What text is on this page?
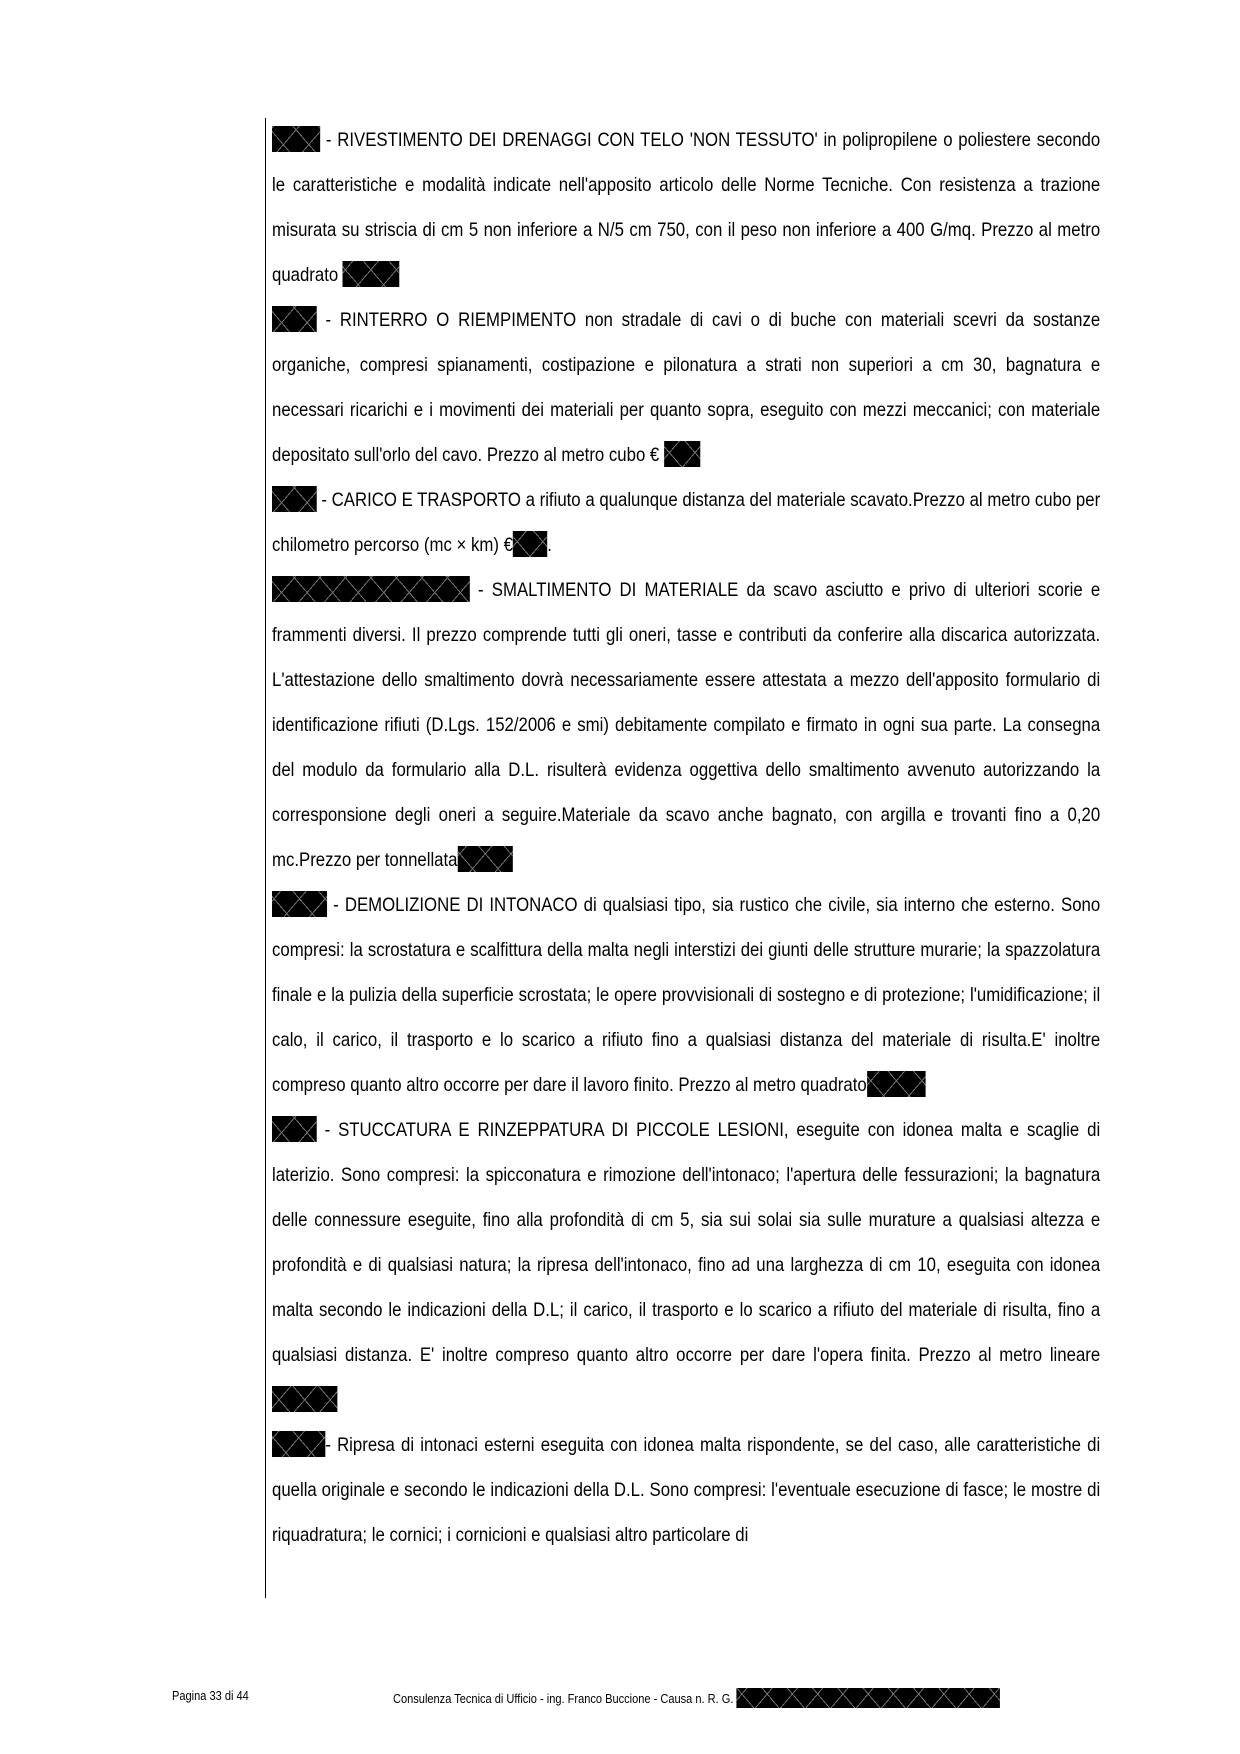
- RIVESTIMENTO DEI DRENAGGI CON TELO 'NON TESSUTO' in polipropilene o poliestere secondo le caratteristiche e modalità indicate nell'apposito articolo delle Norme Tecniche. Con resistenza a trazione misurata su striscia di cm 5 non inferiore a N/5 cm 750, con il peso non inferiore a 400 G/mq. Prezzo al metro quadrato

- RINTERRO O RIEMPIMENTO non stradale di cavi o di buche con materiali scevri da sostanze organiche, compresi spianamenti, costipazione e pilonatura a strati non superiori a cm 30, bagnatura e necessari ricarichi e i movimenti dei materiali per quanto sopra, eseguito con mezzi meccanici; con materiale depositato sull'orlo del cavo. Prezzo al metro cubo €

- CARICO E TRASPORTO a rifiuto a qualunque distanza del materiale scavato.Prezzo al metro cubo per chilometro percorso (mc × km) € .

- SMALTIMENTO DI MATERIALE da scavo asciutto e privo di ulteriori scorie e frammenti diversi. Il prezzo comprende tutti gli oneri, tasse e contributi da conferire alla discarica autorizzata. L'attestazione dello smaltimento dovrà necessariamente essere attestata a mezzo dell'apposito formulario di identificazione rifiuti (D.Lgs. 152/2006 e smi) debitamente compilato e firmato in ogni sua parte. La consegna del modulo da formulario alla D.L. risulterà evidenza oggettiva dello smaltimento avvenuto autorizzando la corresponsione degli oneri a seguire.Materiale da scavo anche bagnato, con argilla e trovanti fino a 0,20 mc.Prezzo per tonnellata

- DEMOLIZIONE DI INTONACO di qualsiasi tipo, sia rustico che civile, sia interno che esterno. Sono compresi: la scrostatura e scalfittura della malta negli interstizi dei giunti delle strutture murarie; la spazzolatura finale e la pulizia della superficie scrostata; le opere provvisionali di sostegno e di protezione; l'umidificazione; il calo, il carico, il trasporto e lo scarico a rifiuto fino a qualsiasi distanza del materiale di risulta.E' inoltre compreso quanto altro occorre per dare il lavoro finito. Prezzo al metro quadrato

- STUCCATURA E RINZEPPATURA DI PICCOLE LESIONI, eseguite con idonea malta e scaglie di laterizio. Sono compresi: la spicconatura e rimozione dell'intonaco; l'apertura delle fessurazioni; la bagnatura delle connessure eseguite, fino alla profondità di cm 5, sia sui solai sia sulle murature a qualsiasi altezza e profondità e di qualsiasi natura; la ripresa dell'intonaco, fino ad una larghezza di cm 10, eseguita con idonea malta secondo le indicazioni della D.L; il carico, il trasporto e lo scarico a rifiuto del materiale di risulta, fino a qualsiasi distanza. E' inoltre compreso quanto altro occorre per dare l'opera finita. Prezzo al metro lineare

- Ripresa di intonaci esterni eseguita con idonea malta rispondente, se del caso, alle caratteristiche di quella originale e secondo le indicazioni della D.L. Sono compresi: l'eventuale esecuzione di fasce; le mostre di riquadratura; le cornici; i cornicioni e qualsiasi altro particolare di

Pagina 33 di 44	Consulenza Tecnica di Ufficio - ing. Franco Buccione - Causa n. R. G.
